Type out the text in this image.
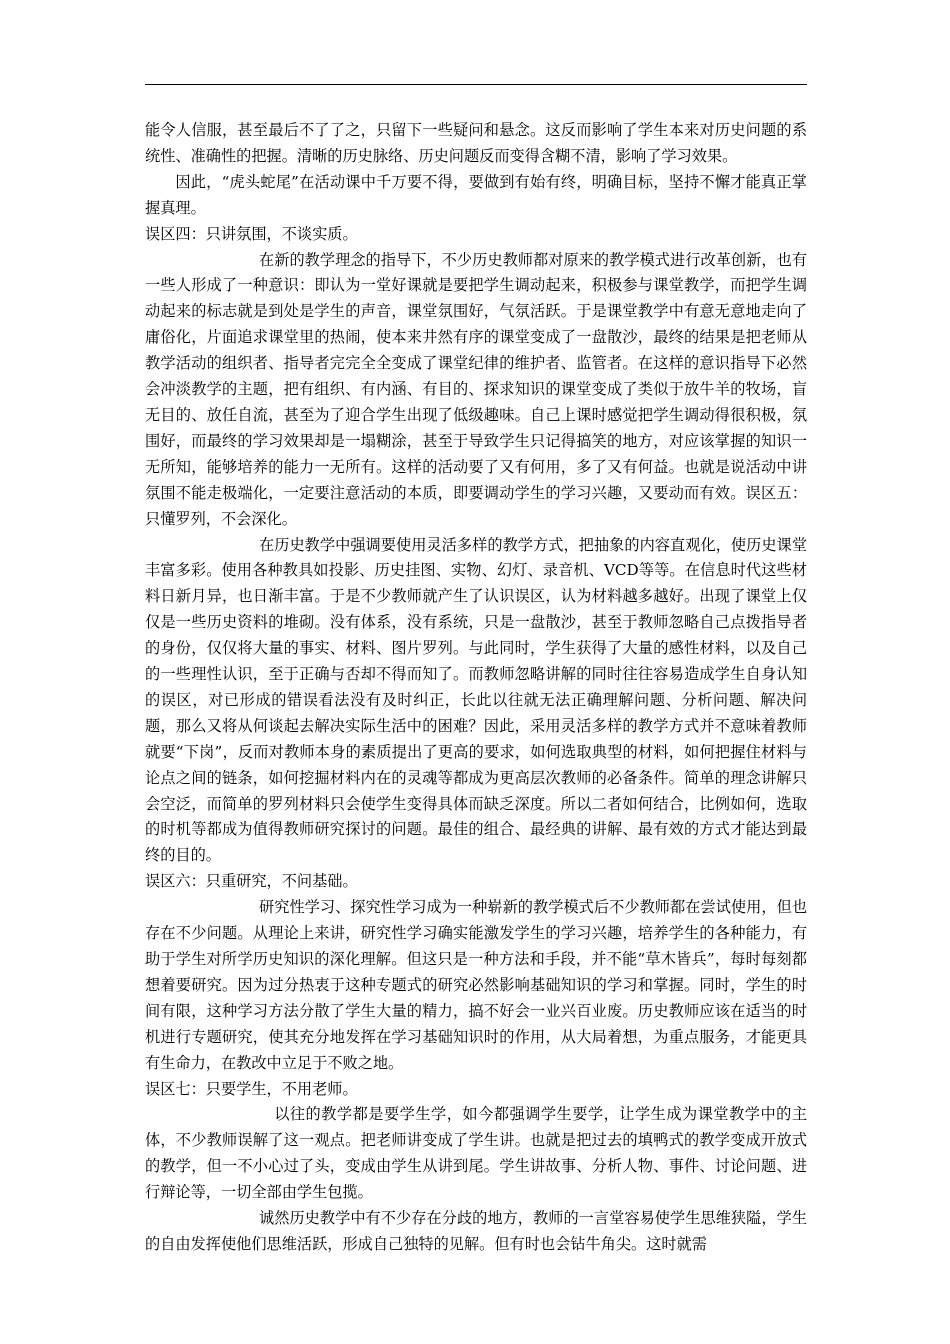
能令人信服，甚至最后不了了之，只留下一些疑问和悬念。这反而影响了学生本来对历史问题的系统性、准确性的把握。清晰的历史脉络、历史问题反而变得含糊不清，影响了学习效果。

因此，“虎头蛇尾”在活动课中千万要不得，要做到有始有终，明确目标，坚持不懈才能真正掌握真理。

误区四：只讲氛围，不谈实质。

在新的教学理念的指导下，不少历史教师都对原来的教学模式进行改革创新，也有一些人形成了一种意识：即认为一堂好课就是要把学生调动起来，积极参与课堂教学，而把学生调动起来的标志就是到处是学生的声音，课堂氛围好，气氛活跃。于是课堂教学中有意无意地走向了庸俗化，片面追求课堂里的热闹，使本来井然有序的课堂变成了一盘散沙，最终的结果是把老师从教学活动的组织者、指导者完完全全变成了课堂纪律的维护者、监管者。在这样的意识指导下必然会冲淡教学的主题，把有组织、有内涵、有目的、探求知识的课堂变成了类似于放牛羊的牧场，盲无目的、放任自流，甚至为了迎合学生出现了低级趣味。自己上课时感觉把学生调动得很积极，氛围好，而最终的学习效果却是一塌糊涂，甚至于导致学生只记得搞笑的地方，对应该掌握的知识一无所知，能够培养的能力一无所有。这样的活动要了又有何用，多了又有何益。也就是说活动中讲氛围不能走极端化，一定要注意活动的本质，即要调动学生的学习兴趣，又要动而有效。误区五：只懂罗列，不会深化。

在历史教学中强调要使用灵活多样的教学方式，把抽象的内容直观化，使历史课堂丰富多彩。使用各种教具如投影、历史挂图、实物、幻灯、录音机、VCD等等。在信息时代这些材料日新月异，也日渐丰富。于是不少教师就产生了认识误区，认为材料越多越好。出现了课堂上仅仅是一些历史资料的堆砌。没有体系，没有系统，只是一盘散沙，甚至于教师忽略自己点拨指导者的身份，仅仅将大量的事实、材料、图片罗列。与此同时，学生获得了大量的感性材料，以及自己的一些理性认识，至于正确与否却不得而知了。而教师忽略讲解的同时往往容易造成学生自身认知的误区，对已形成的错误看法没有及时纠正，长此以往就无法正确理解问题、分析问题、解决问题，那么又将从何谈起去解决实际生活中的困难？因此，采用灵活多样的教学方式并不意味着教师就要“下岗”，反而对教师本身的素质提出了更高的要求，如何选取典型的材料，如何把握住材料与论点之间的链条，如何挖掘材料内在的灵魂等都成为更高层次教师的必备条件。简单的理念讲解只会空泛，而简单的罗列材料只会使学生变得具体而缺乏深度。所以二者如何结合，比例如何，选取的时机等都成为值得教师研究探讨的问题。最佳的组合、最经典的讲解、最有效的方式才能达到最终的目的。

误区六：只重研究，不问基础。

研究性学习、探究性学习成为一种崭新的教学模式后不少教师都在尝试使用，但也存在不少问题。从理论上来讲，研究性学习确实能激发学生的学习兴趣，培养学生的各种能力，有助于学生对所学历史知识的深化理解。但这只是一种方法和手段，并不能“草木皆兵”，每时每刻都想着要研究。因为过分热衷于这种专题式的研究必然影响基础知识的学习和掌握。同时，学生的时间有限，这种学习方法分散了学生大量的精力，搞不好会一业兴百业废。历史教师应该在适当的时机进行专题研究，使其充分地发挥在学习基础知识时的作用，从大局着想，为重点服务，才能更具有生命力，在教改中立足于不败之地。

误区七：只要学生，不用老师。

以往的教学都是要学生学，如今都强调学生要学，让学生成为课堂教学中的主体，不少教师误解了这一观点。把老师讲变成了学生讲。也就是把过去的填鸭式的教学变成开放式的教学，但一不小心过了头，变成由学生从讲到尾。学生讲故事、分析人物、事件、讨论问题、进行辩论等，一切全部由学生包揽。

诚然历史教学中有不少存在分歧的地方，教师的一言堂容易使学生思维狭隘，学生的自由发挥使他们思维活跃，形成自己独特的见解。但有时也会钻牛角尖。这时就需
